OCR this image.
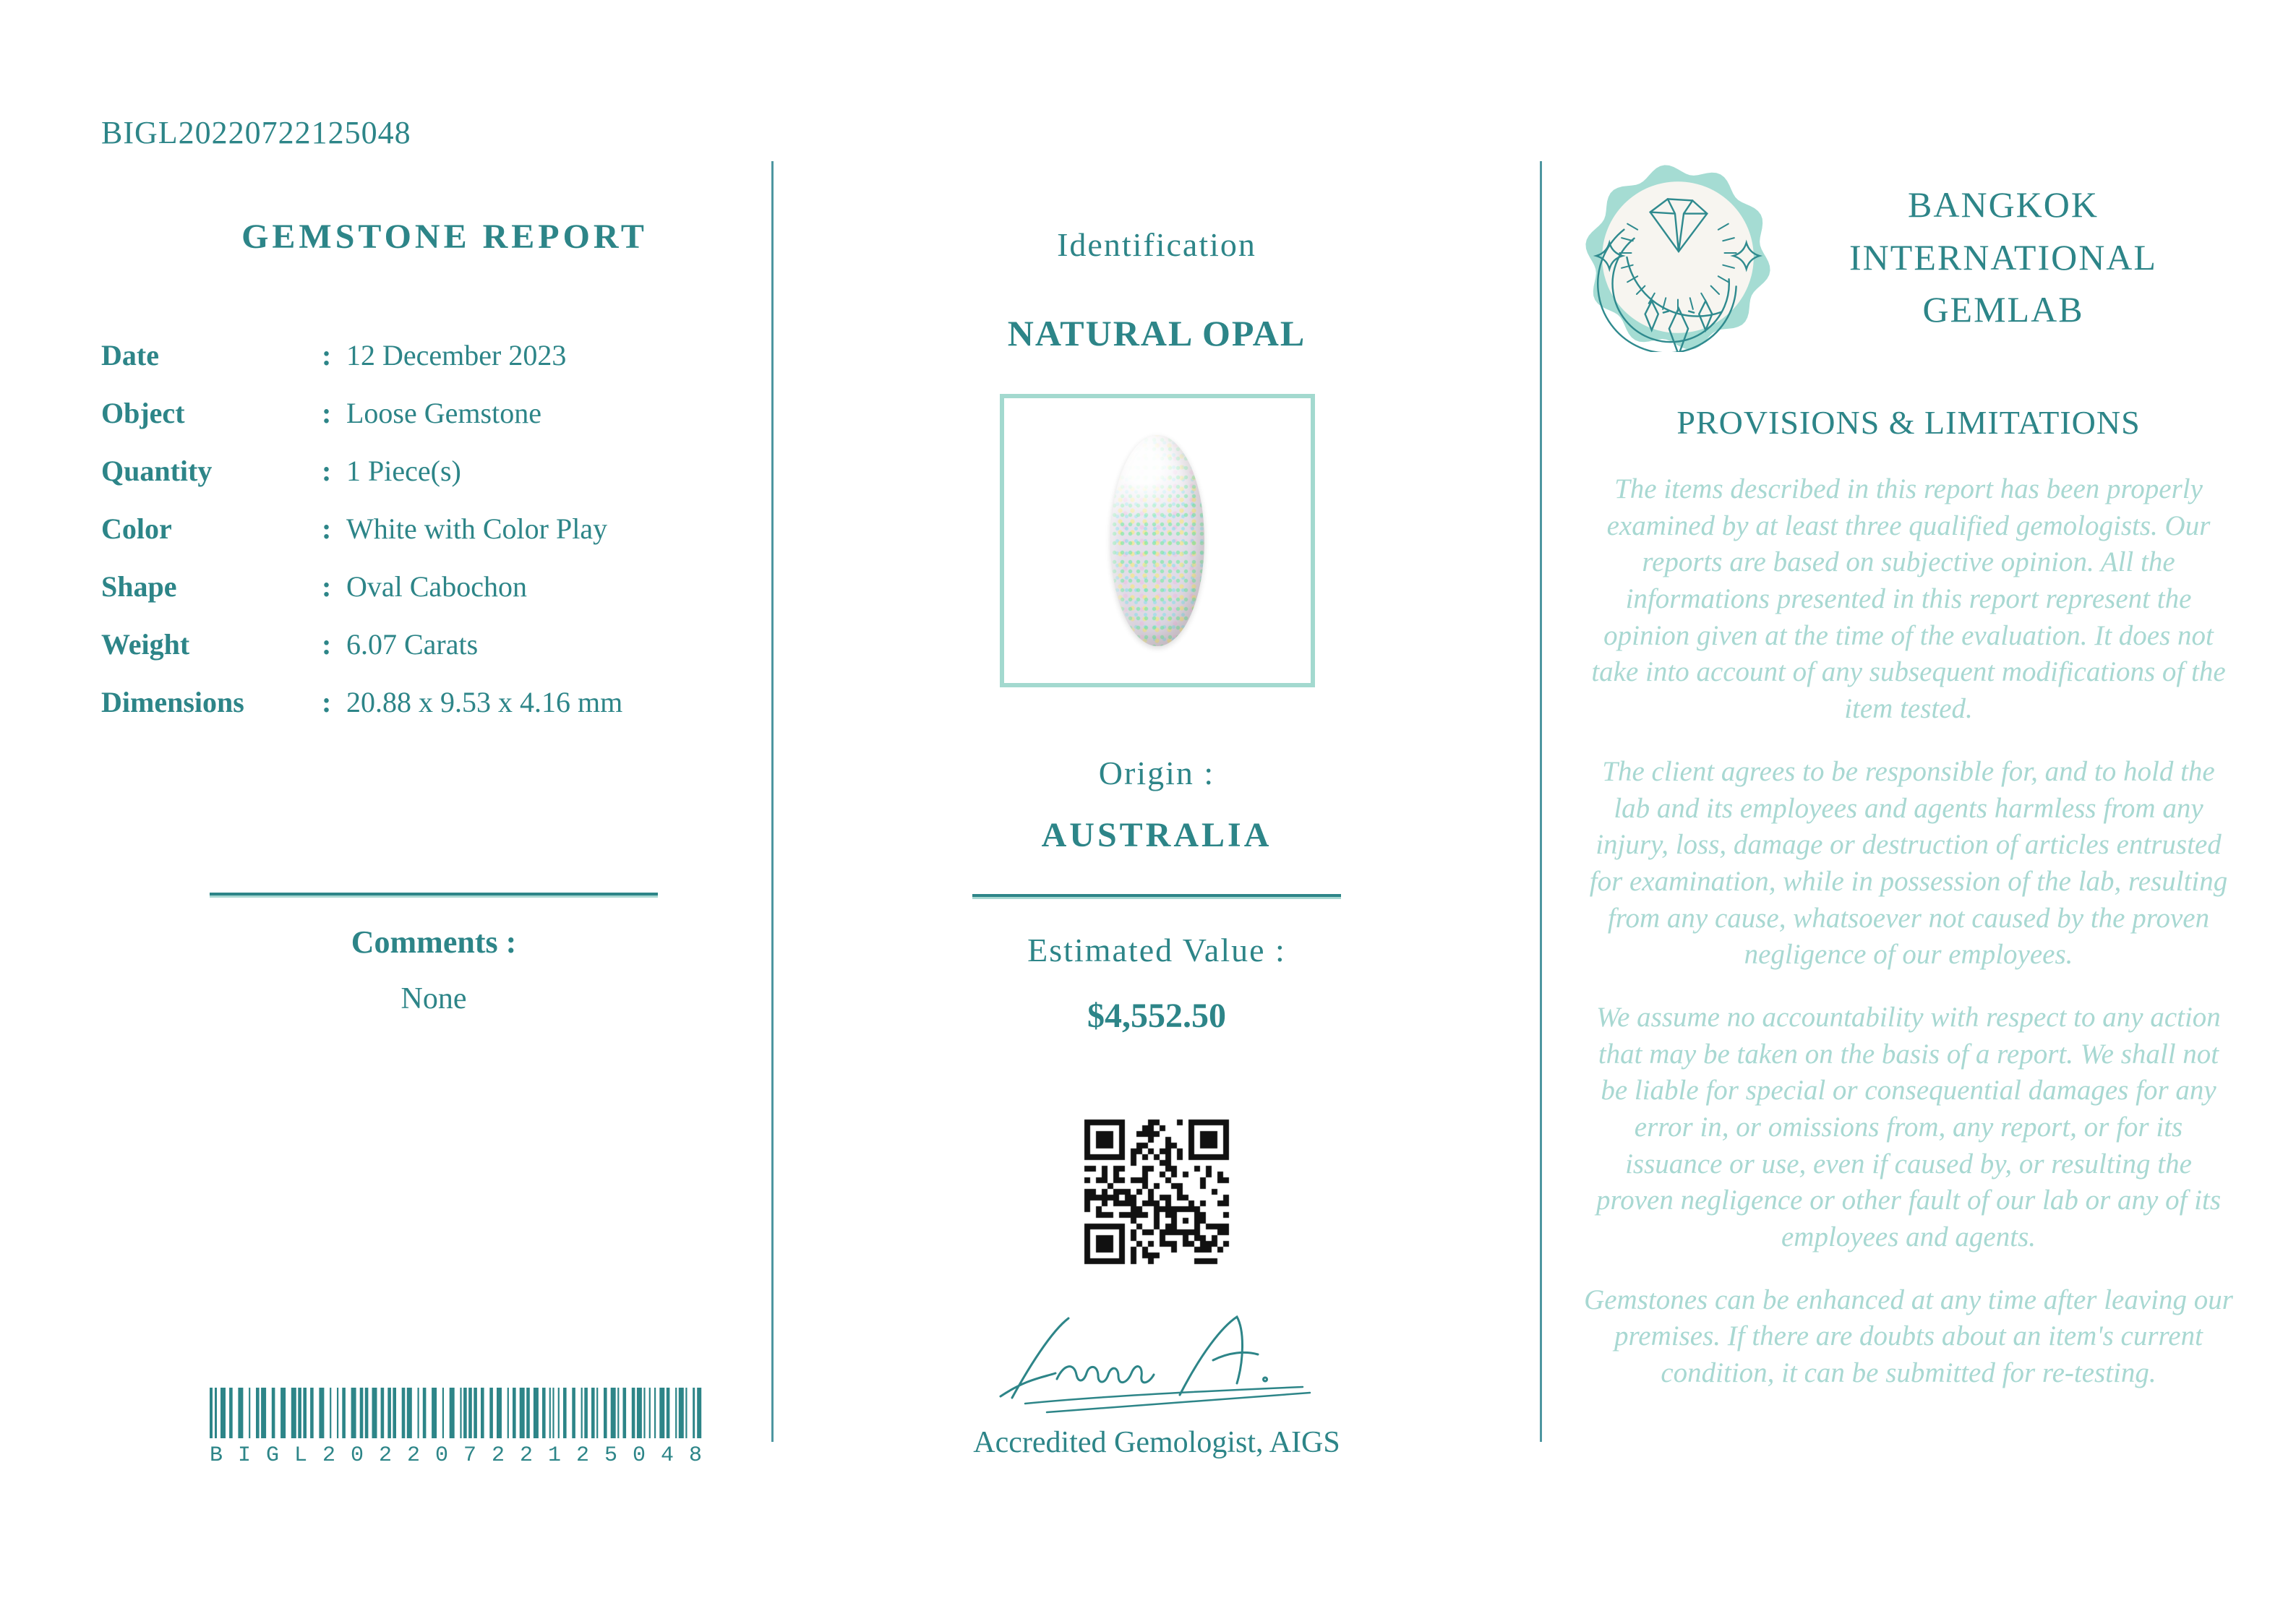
BIGL20220722125048
GEMSTONE REPORT
Date	: 12 December 2023
Object	: Loose Gemstone
Quantity	: 1 Piece(s)
Color	: White with Color Play
Shape	: Oval Cabochon
Weight	: 6.07 Carats
Dimensions	: 20.88 x 9.53 x 4.16 mm
Comments :
None
BIGL20220722125048
Identification
NATURAL OPAL
Origin :
AUSTRALIA
Estimated Value :
$4,552.50
Accredited Gemologist, AIGS
BANGKOK
INTERNATIONAL
GEMLAB
PROVISIONS & LIMITATIONS

The items described in this report has been properly examined by at least three qualified gemologists. Our reports are based on subjective opinion. All the informations presented in this report represent the opinion given at the time of the evaluation. It does not take into account of any subsequent modifications of the item tested.

The client agrees to be responsible for, and to hold the lab and its employees and agents harmless from any injury, loss, damage or destruction of articles entrusted for examination, while in possession of the lab, resulting from any cause, whatsoever not caused by the proven negligence of our employees.

We assume no accountability with respect to any action that may be taken on the basis of a report. We shall not be liable for special or consequential damages for any error in, or omissions from, any report, or for its issuance or use, even if caused by, or resulting the proven negligence or other fault of our lab or any of its employees and agents.

Gemstones can be enhanced at any time after leaving our premises. If there are doubts about an item's current condition, it can be submitted for re-testing.
